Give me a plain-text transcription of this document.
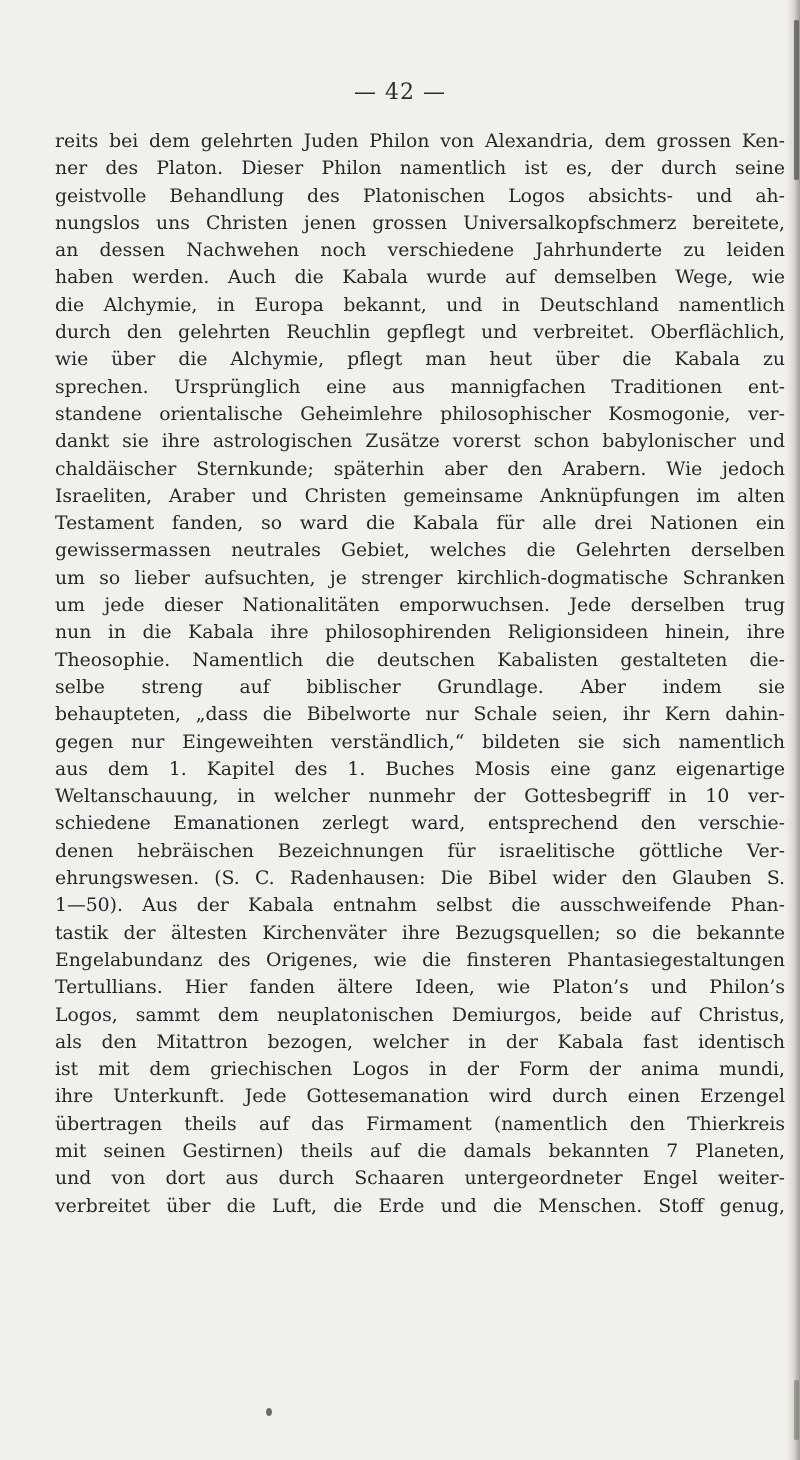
— 42 —
reits bei dem gelehrten Juden Philon von Alexandria, dem grossen Ken-
ner des Platon. Dieser Philon namentlich ist es, der durch seine
geistvolle Behandlung des Platonischen Logos absichts- und ah-
nungslos uns Christen jenen grossen Universalkopfschmerz bereitete,
an dessen Nachwehen noch verschiedene Jahrhunderte zu leiden
haben werden. Auch die Kabala wurde auf demselben Wege, wie
die Alchymie, in Europa bekannt, und in Deutschland namentlich
durch den gelehrten Reuchlin gepflegt und verbreitet. Oberflächlich,
wie über die Alchymie, pflegt man heut über die Kabala zu
sprechen. Ursprünglich eine aus mannigfachen Traditionen ent-
standene orientalische Geheimlehre philosophischer Kosmogonie, ver-
dankt sie ihre astrologischen Zusätze vorerst schon babylonischer und
chaldäischer Sternkunde; späterhin aber den Arabern. Wie jedoch
Israeliten, Araber und Christen gemeinsame Anknüpfungen im alten
Testament fanden, so ward die Kabala für alle drei Nationen ein
gewissermassen neutrales Gebiet, welches die Gelehrten derselben
um so lieber aufsuchten, je strenger kirchlich-dogmatische Schranken
um jede dieser Nationalitäten emporwuchsen. Jede derselben trug
nun in die Kabala ihre philosophirenden Religionsideen hinein, ihre
Theosophie. Namentlich die deutschen Kabalisten gestalteten die-
selbe streng auf biblischer Grundlage. Aber indem sie
behaupteten, „dass die Bibelworte nur Schale seien, ihr Kern dahin-
gegen nur Eingeweihten verständlich,“ bildeten sie sich namentlich
aus dem 1. Kapitel des 1. Buches Mosis eine ganz eigenartige
Weltanschauung, in welcher nunmehr der Gottesbegriff in 10 ver-
schiedene Emanationen zerlegt ward, entsprechend den verschie-
denen hebräischen Bezeichnungen für israelitische göttliche Ver-
ehrungswesen. (S. C. Radenhausen: Die Bibel wider den Glauben S.
1—50). Aus der Kabala entnahm selbst die ausschweifende Phan-
tastik der ältesten Kirchenväter ihre Bezugsquellen; so die bekannte
Engelabundanz des Origenes, wie die finsteren Phantasiegestaltungen
Tertullians. Hier fanden ältere Ideen, wie Platon’s und Philon’s
Logos, sammt dem neuplatonischen Demiurgos, beide auf Christus,
als den Mitattron bezogen, welcher in der Kabala fast identisch
ist mit dem griechischen Logos in der Form der anima mundi,
ihre Unterkunft. Jede Gottesemanation wird durch einen Erzengel
übertragen theils auf das Firmament (namentlich den Thierkreis
mit seinen Gestirnen) theils auf die damals bekannten 7 Planeten,
und von dort aus durch Schaaren untergeordneter Engel weiter-
verbreitet über die Luft, die Erde und die Menschen. Stoff genug,
